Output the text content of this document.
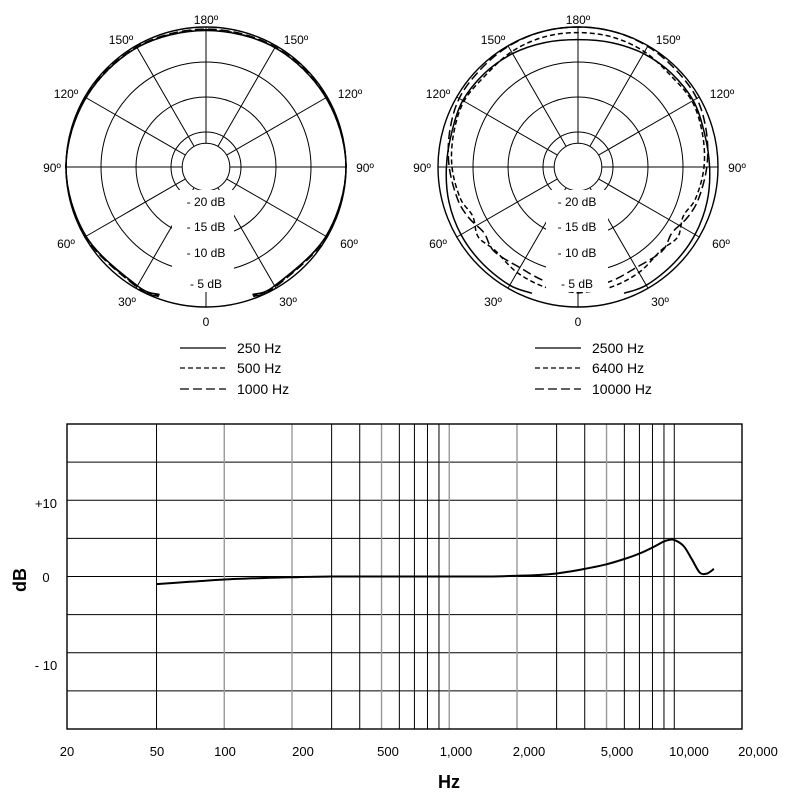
180º
150º	150º
120º	120º
90º	90º
60º	60º
30º	30º
0
- 20 dB
- 15 dB
- 10 dB
- 5 dB
250 Hz
500 Hz
1000 Hz
180º
150º	150º
120º	120º
90º	90º
60º	60º
30º	30º
0
- 20 dB
- 15 dB
- 10 dB
- 5 dB
2500 Hz
6400 Hz
10000 Hz
+10
0
- 10
20	50	100	200	500	1,000	2,000	5,000	10,000 20,000
Hz
dB
